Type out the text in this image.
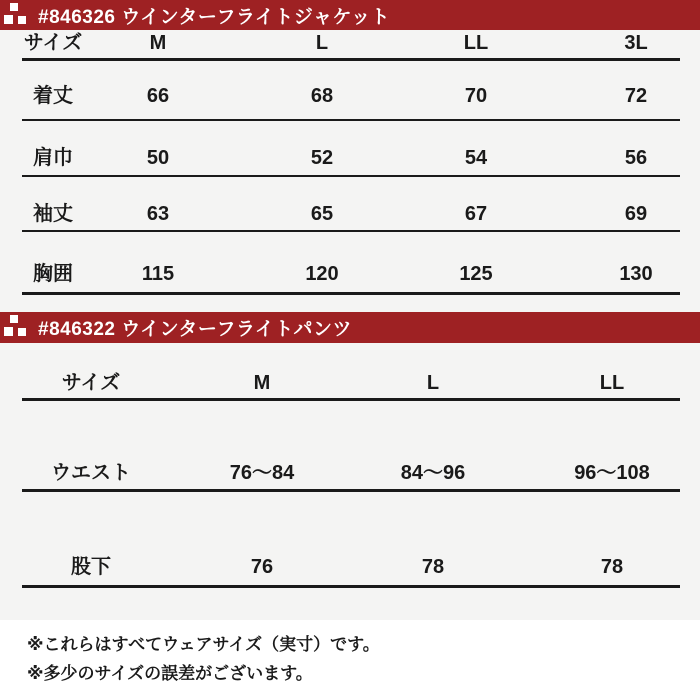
#846326 ウインターフライトジャケット
サイズ	M	L	LL	3L
着丈	66	68	70	72
肩巾	50	52	54	56
袖丈	63	65	67	69
胸囲	115	120	125	130
#846322 ウインターフライトパンツ
サイズ	M	L	LL
ウエスト	76〜84	84〜96	96〜108
股下	76	78	78
※これらはすべてウェアサイズ（実寸）です。
※多少のサイズの誤差がございます。
